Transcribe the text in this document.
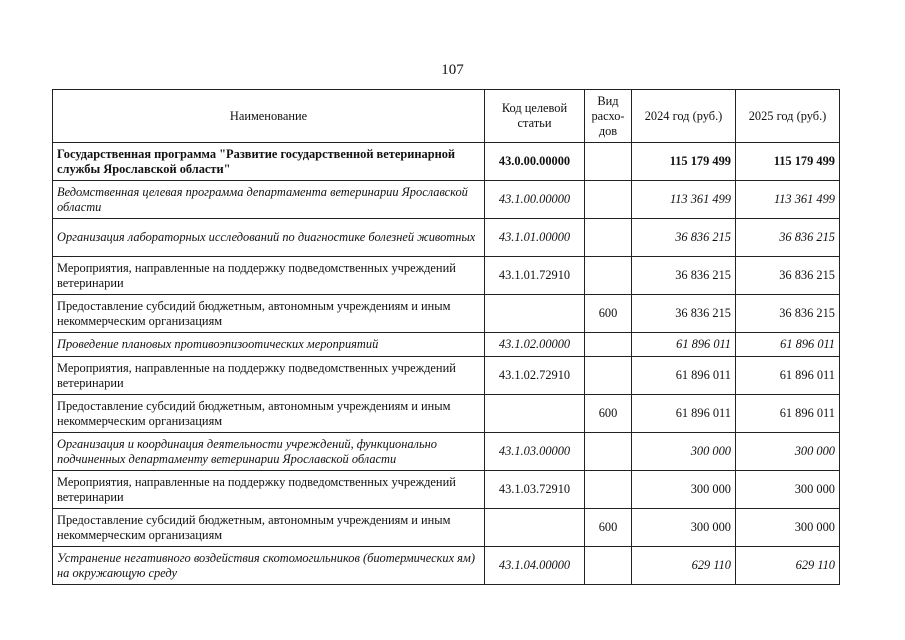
107
Наименование	Код целевой статьи	Вид расхо-дов	2024 год (руб.)	2025 год (руб.)
Государственная программа "Развитие государственной ветеринарной службы Ярославской области"	43.0.00.00000		115 179 499	115 179 499
Ведомственная целевая программа департамента ветеринарии Ярославской области	43.1.00.00000		113 361 499	113 361 499
Организация лабораторных исследований по диагностике болезней животных	43.1.01.00000		36 836 215	36 836 215
Мероприятия, направленные на поддержку подведомственных учреждений ветеринарии	43.1.01.72910		36 836 215	36 836 215
Предоставление субсидий бюджетным, автономным учреждениям и иным некоммерческим организациям		600	36 836 215	36 836 215
Проведение плановых противоэпизоотических мероприятий	43.1.02.00000		61 896 011	61 896 011
Мероприятия, направленные на поддержку подведомственных учреждений ветеринарии	43.1.02.72910		61 896 011	61 896 011
Предоставление субсидий бюджетным, автономным учреждениям и иным некоммерческим организациям		600	61 896 011	61 896 011
Организация и координация деятельности учреждений, функционально подчиненных департаменту ветеринарии Ярославской области	43.1.03.00000		300 000	300 000
Мероприятия, направленные на поддержку подведомственных учреждений ветеринарии	43.1.03.72910		300 000	300 000
Предоставление субсидий бюджетным, автономным учреждениям и иным некоммерческим организациям		600	300 000	300 000
Устранение негативного воздействия скотомогильников (биотермических ям) на окружающую среду	43.1.04.00000		629 110	629 110
